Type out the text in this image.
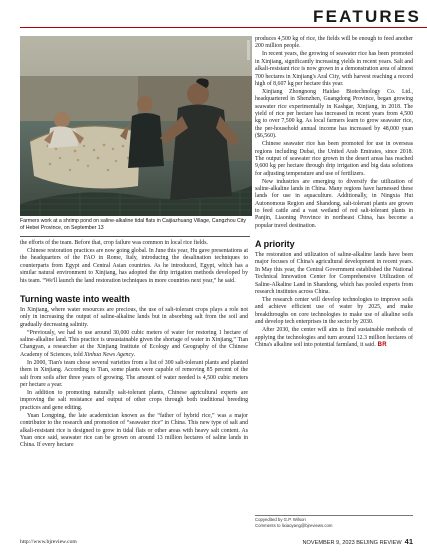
FEATURES
Farmers work at a shrimp pond on saline-alkaline tidal flats in Caijiazhuang Village, Cangzhou City of Hebei Province, on September 13

the efforts of the team. Before that, crop failure was common in local rice fields.

Chinese restoration practices are now going global. In June this year, Hu gave presentations at the headquarters of the FAO in Rome, Italy, introducing the desalination techniques to counterparts from Egypt and Central Asian countries. As he introduced, Egypt, which has a similar natural environment to Xinjiang, has adopted the drip irrigation methods developed by his team. “We'll launch the land restoration techniques in more countries next year,” he said.

Turning waste into wealth

In Xinjiang, where water resources are precious, the use of salt-tolerant crops plays a role not only in increasing the output of saline-alkaline lands but in absorbing salt from the soil and gradually decreasing salinity.

“Previously, we had to use around 30,000 cubic meters of water for restoring 1 hectare of saline-alkaline land. This practice is unsustainable given the shortage of water in Xinjiang,” Tian Changyan, a researcher at the Xinjiang Institute of Ecology and Geography of the Chinese Academy of Sciences, told Xinhua News Agency.

In 2000, Tian's team chose several varieties from a list of 300 salt-tolerant plants and planted them in Xinjiang. According to Tian, some plants were capable of removing 85 percent of the salt from soils after three years of growing. The amount of water needed is 4,500 cubic meters per hectare a year.

In addition to promoting naturally salt-tolerant plants, Chinese agricultural experts are improving the salt resistance and output of other crops through both traditional breeding practices and gene editing.

Yuan Longping, the late academician known as the “father of hybrid rice,” was a major contributor to the research and promotion of “seawater rice” in China. This new type of salt and alkali-resistant rice is designed to grow in tidal flats or other areas with heavy salt content. As Yuan once said, seawater rice can be grown on around 13 million hectares of saline lands in China. If every hectare

produces 4,500 kg of rice, the fields will be enough to feed another 200 million people.

In recent years, the growing of seawater rice has been promoted in Xinjiang, significantly increasing yields in recent years. Salt and alkali-resistant rice is now grown in a demonstration area of almost 700 hectares in Xinjiang's Aral City, with harvest reaching a record high of 8,607 kg per hectare this year.

Xinjiang Zhongnong Haidao Biotechnology Co. Ltd., headquartered in Shenzhen, Guangdong Province, began growing seawater rice experimentally in Kashgar, Xinjiang, in 2018. The yield of rice per hectare has increased in recent years from 4,500 kg to over 7,500 kg. As local farmers learn to grow seawater rice, the per-household annual income has increased by 48,000 yuan ($6,560).

Chinese seawater rice has been promoted for use in overseas regions including Dubai, the United Arab Emirates, since 2018. The output of seawater rice grown in the desert areas has reached 9,600 kg per hectare through drip irrigation and big data solutions for adjusting temperature and use of fertilizers.

New industries are emerging to diversify the utilization of saline-alkaline lands in China. Many regions have harnessed these lands for use in aquaculture. Additionally, in Ningxia Hui Autonomous Region and Shandong, salt-tolerant plants are grown to feed cattle and a vast wetland of red salt-tolerant plants in Panjin, Liaoning Province in northeast China, has become a popular travel destination.

A priority

The restoration and utilization of saline-alkaline lands have been major focuses of China's agricultural development in recent years. In May this year, the Central Government established the National Technical Innovation Center for Comprehensive Utilization of Saline-Alkaline Land in Shandong, which has pooled experts from research institutes across China.

The research center will develop technologies to improve soils and achieve efficient use of water by 2025, and make breakthroughs on core technologies to make use of alkaline soils and develop tech enterprises in the sector by 2030.

After 2030, the center will aim to find sustainable methods of applying the technologies and turn around 12.3 million hectares of China's alkaline soil into potential farmland, it said. BR

Copyedited by G.P. Wilson
Comments to lixiaoyang@bjreviews.com
http://www.bjreview.com	NOVEMBER 9, 2023 BEIJING REVIEW 41
